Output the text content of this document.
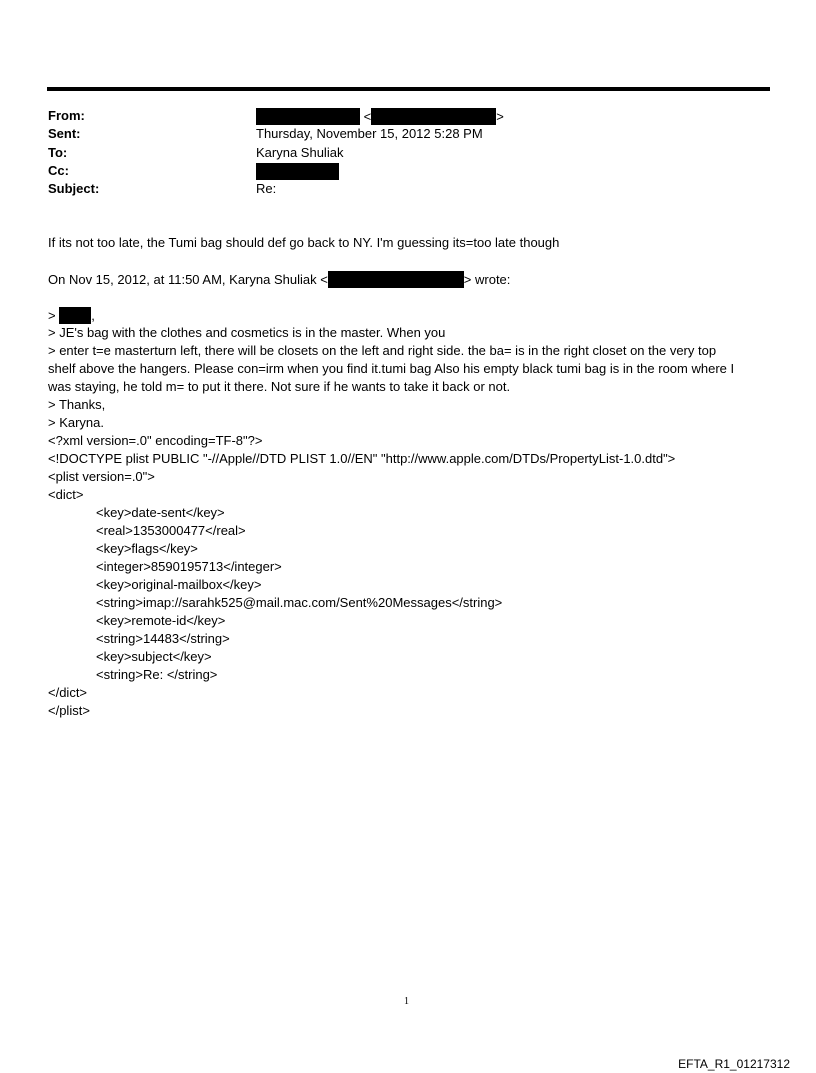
From:	<	>
Sent:	Thursday, November 15, 2012 5:28 PM
To:	Karyna Shuliak
Cc:
Subject:	Re:
If its not too late, the Tumi bag should def go back to NY. I'm guessing its=too late though
On Nov 15, 2012, at 11:50 AM, Karyna Shuliak <	> wrote:
>	,
> JE's bag with the clothes and cosmetics is in the master. When you
> enter t=e masterturn left, there will be closets on the left and right side. the ba= is in the right closet on the very top
shelf above the hangers. Please con=irm when you find it.tumi bag Also his empty black tumi bag is in the room where I
was staying, he told m= to put it there. Not sure if he wants to take it back or not.
> Thanks,
> Karyna.
<?xml version=.0" encoding=TF-8"?>
<!DOCTYPE plist PUBLIC "-//Apple//DTD PLIST 1.0//EN" "http://www.apple.com/DTDs/PropertyList-1.0.dtd">
<plist version=.0">
<dict>
<key>date-sent</key>
<real>1353000477</real>
<key>flags</key>
<integer>8590195713</integer>
<key>original-mailbox</key>
<string>imap://sarahk525@mail.mac.com/Sent%20Messages</string>
<key>remote-id</key>
<string>14483</string>
<key>subject</key>
<string>Re: </string>
</dict>
</plist>
1
EFTA_R1_01217312
